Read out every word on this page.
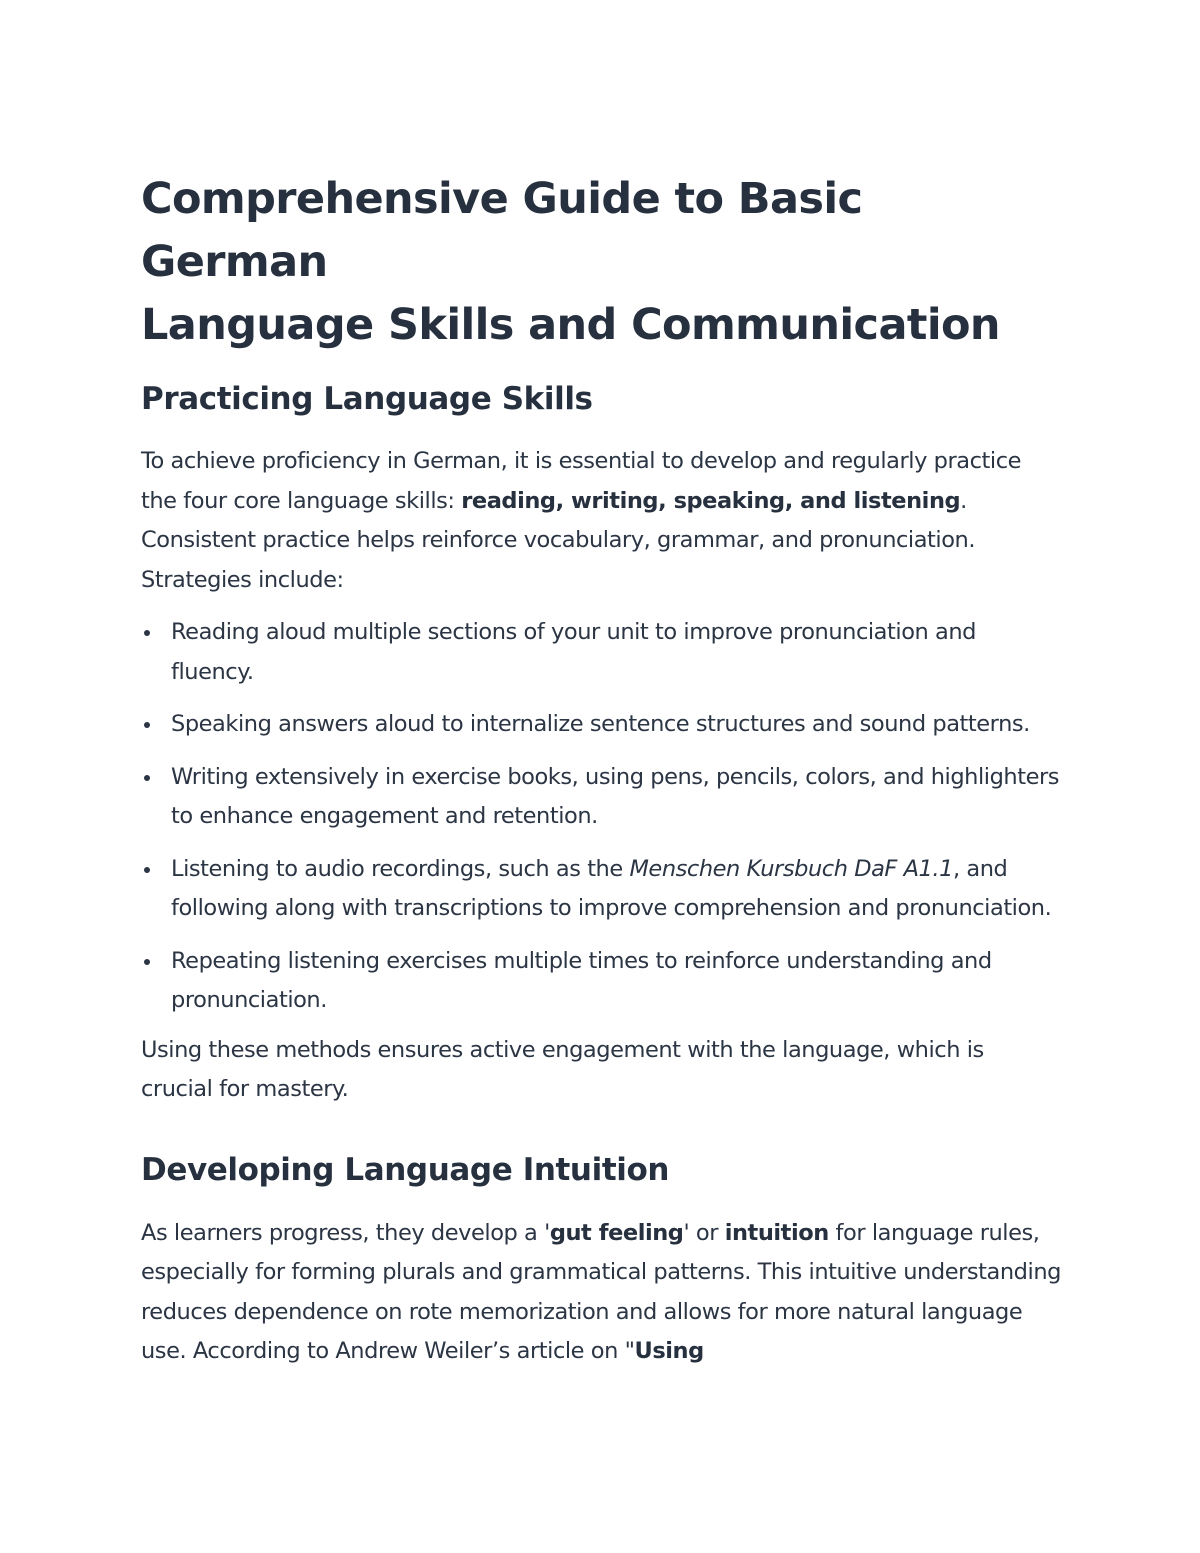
Comprehensive Guide to Basic German
Language Skills and Communication
Practicing Language Skills

To achieve proficiency in German, it is essential to develop and regularly practice the four core language skills: reading, writing, speaking, and listening. Consistent practice helps reinforce vocabulary, grammar, and pronunciation. Strategies include:

Reading aloud multiple sections of your unit to improve pronunciation and fluency.
Speaking answers aloud to internalize sentence structures and sound patterns.
Writing extensively in exercise books, using pens, pencils, colors, and highlighters to enhance engagement and retention.
Listening to audio recordings, such as the Menschen Kursbuch DaF A1.1, and following along with transcriptions to improve comprehension and pronunciation.
Repeating listening exercises multiple times to reinforce understanding and pronunciation.

Using these methods ensures active engagement with the language, which is crucial for mastery.

Developing Language Intuition

As learners progress, they develop a 'gut feeling' or intuition for language rules, especially for forming plurals and grammatical patterns. This intuitive understanding reduces dependence on rote memorization and allows for more natural language use. According to Andrew Weiler’s article on "Using
